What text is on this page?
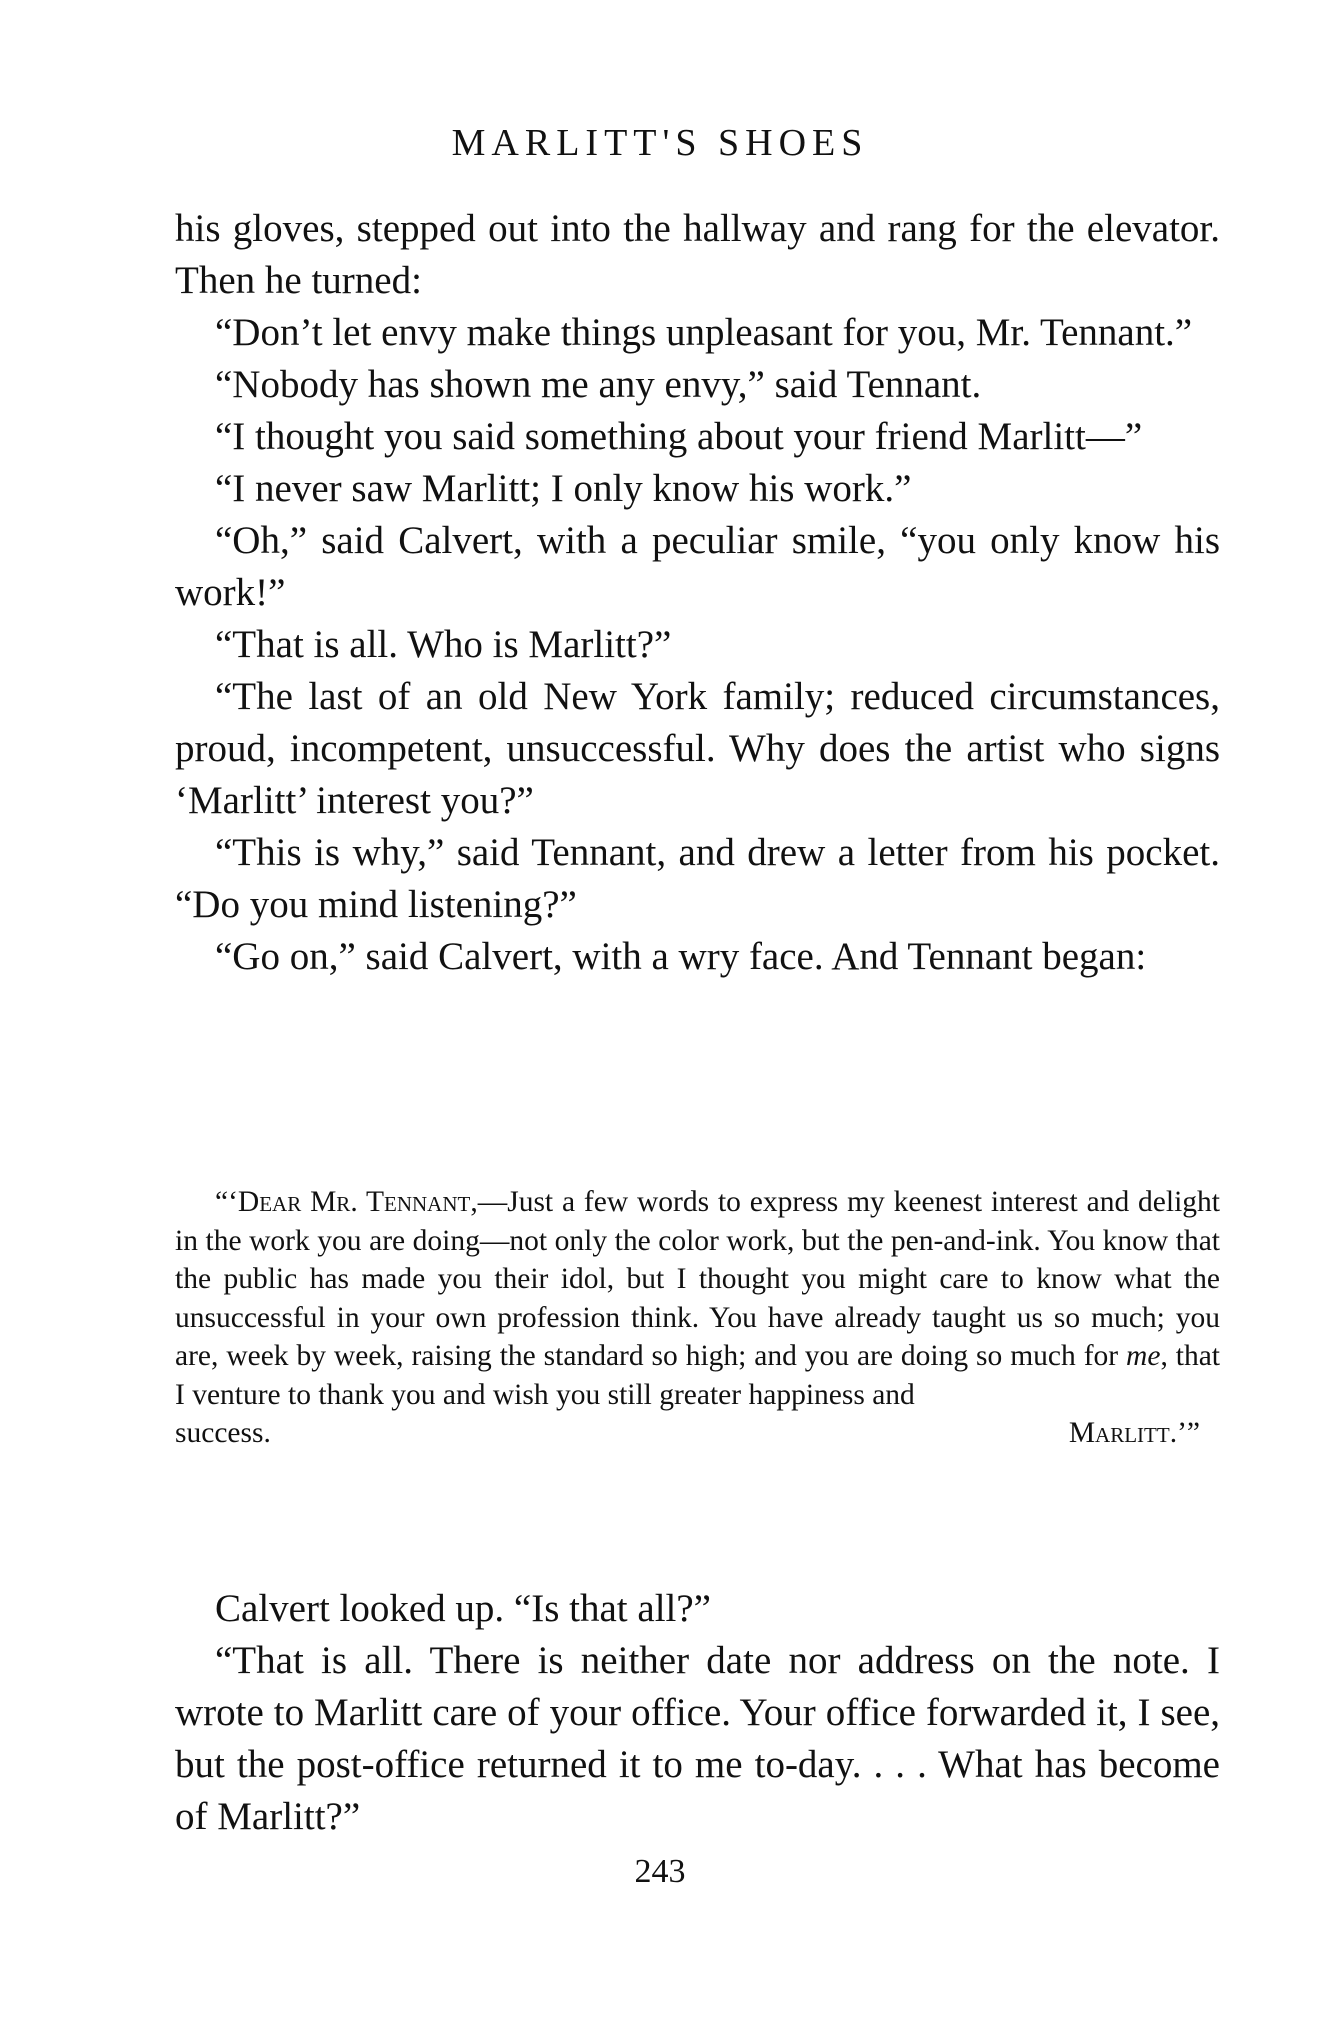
MARLITT'S SHOES

his gloves, stepped out into the hallway and rang for the elevator. Then he turned:

“Don’t let envy make things unpleasant for you, Mr. Tennant.”

“Nobody has shown me any envy,” said Tennant.

“I thought you said something about your friend Marlitt—”

“I never saw Marlitt; I only know his work.”

“Oh,” said Calvert, with a peculiar smile, “you only know his work!”

“That is all. Who is Marlitt?”

“The last of an old New York family; reduced circumstances, proud, incompetent, unsuccessful. Why does the artist who signs ‘Marlitt’ interest you?”

“This is why,” said Tennant, and drew a letter from his pocket. “Do you mind listening?”

“Go on,” said Calvert, with a wry face. And Tennant began:

“‘Dear Mr. Tennant,—Just a few words to express my keenest interest and delight in the work you are doing—not only the color work, but the pen-and-ink. You know that the public has made you their idol, but I thought you might care to know what the unsuccessful in your own profession think. You have already taught us so much; you are, week by week, raising the standard so high; and you are doing so much for me, that I venture to thank you and wish you still greater happiness and

success.	Marlitt.’”

Calvert looked up. “Is that all?”

“That is all. There is neither date nor address on the note. I wrote to Marlitt care of your office. Your office forwarded it, I see, but the post-office returned it to me to-day. . . . What has become of Marlitt?”

243
